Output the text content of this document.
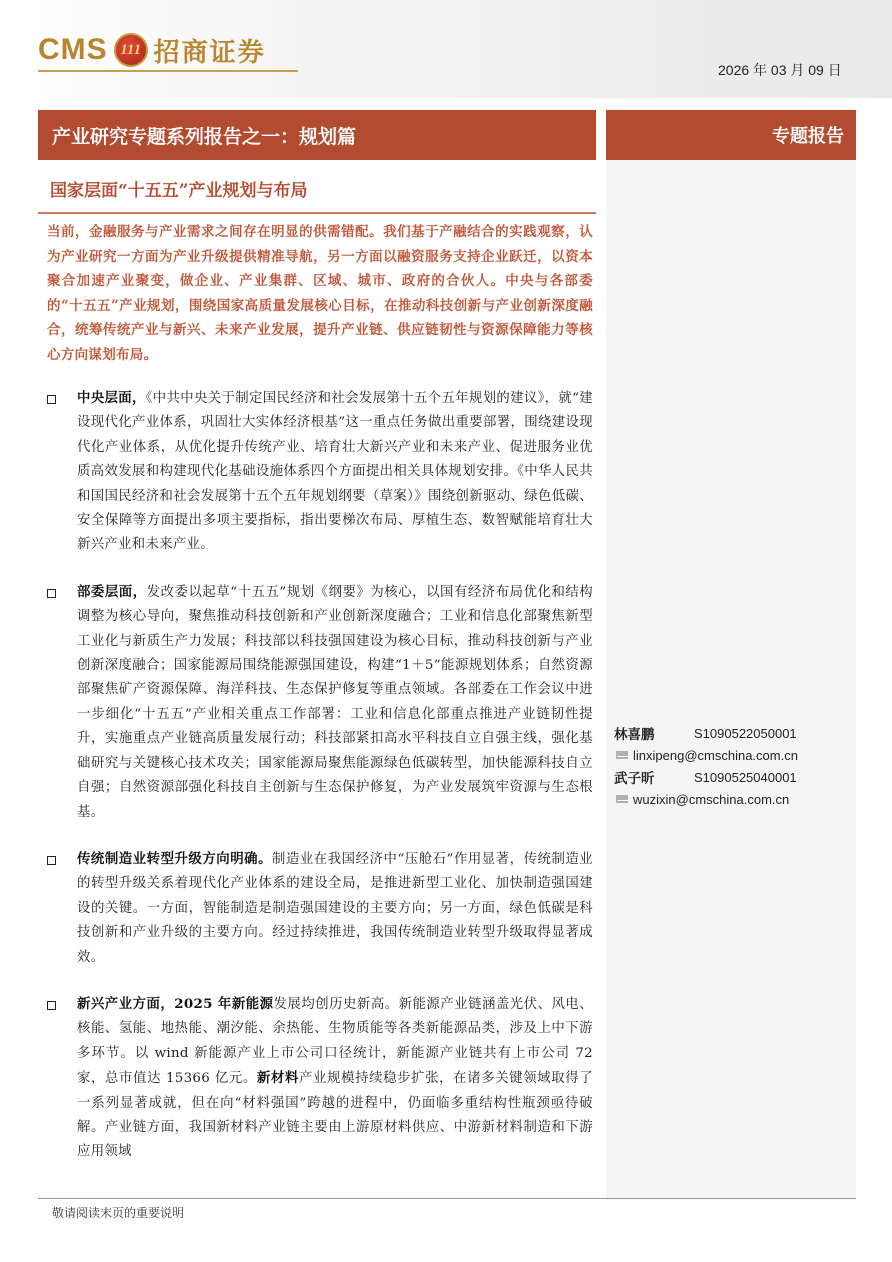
CMS 111 招商证券
2026 年 03 月 09 日
产业研究专题系列报告之一：规划篇	专题报告
国家层面“十五五”产业规划与布局
当前，金融服务与产业需求之间存在明显的供需错配。我们基于产融结合的实践观察，认为产业研究一方面为产业升级提供精准导航，另一方面以融资服务支持企业跃迁，以资本聚合加速产业聚变，做企业、产业集群、区域、城市、政府的合伙人。中央与各部委的“十五五”产业规划，围绕国家高质量发展核心目标，在推动科技创新与产业创新深度融合，统筹传统产业与新兴、未来产业发展，提升产业链、供应链韧性与资源保障能力等核心方向谋划布局。
中央层面，《中共中央关于制定国民经济和社会发展第十五个五年规划的建议》，就“建设现代化产业体系，巩固壮大实体经济根基”这一重点任务做出重要部署，围绕建设现代化产业体系，从优化提升传统产业、培育壮大新兴产业和未来产业、促进服务业优质高效发展和构建现代化基础设施体系四个方面提出相关具体规划安排。《中华人民共和国国民经济和社会发展第十五个五年规划纲要（草案）》围绕创新驱动、绿色低碳、安全保障等方面提出多项主要指标，指出要梯次布局、厚植生态、数智赋能培育壮大新兴产业和未来产业。
部委层面，发改委以起草“十五五”规划《纲要》为核心，以国有经济布局优化和结构调整为核心导向，聚焦推动科技创新和产业创新深度融合；工业和信息化部聚焦新型工业化与新质生产力发展；科技部以科技强国建设为核心目标，推动科技创新与产业创新深度融合；国家能源局围绕能源强国建设，构建“1＋5”能源规划体系；自然资源部聚焦矿产资源保障、海洋科技、生态保护修复等重点领域。各部委在工作会议中进一步细化“十五五”产业相关重点工作部署：工业和信息化部重点推进产业链韧性提升，实施重点产业链高质量发展行动；科技部紧扣高水平科技自立自强主线，强化基础研究与关键核心技术攻关；国家能源局聚焦能源绿色低碳转型，加快能源科技自立自强；自然资源部强化科技自主创新与生态保护修复，为产业发展筑牢资源与生态根基。
传统制造业转型升级方向明确。制造业在我国经济中“压舱石”作用显著，传统制造业的转型升级关系着现代化产业体系的建设全局，是推进新型工业化、加快制造强国建设的关键。一方面，智能制造是制造强国建设的主要方向；另一方面，绿色低碳是科技创新和产业升级的主要方向。经过持续推进，我国传统制造业转型升级取得显著成效。
新兴产业方面，2025 年新能源发展均创历史新高。新能源产业链涵盖光伏、风电、核能、氢能、地热能、潮汐能、余热能、生物质能等各类新能源品类，涉及上中下游多环节。以 wind 新能源产业上市公司口径统计，新能源产业链共有上市公司 72 家，总市值达 15366 亿元。新材料产业规模持续稳步扩张，在诸多关键领域取得了一系列显著成就，但在向“材料强国”跨越的进程中，仍面临多重结构性瓶颈亟待破解。产业链方面，我国新材料产业链主要由上游原材料供应、中游新材料制造和下游应用领域
林喜鹏	S1090522050001
linxipeng@cmschina.com.cn
武子昕	S1090525040001
wuzixin@cmschina.com.cn
敬请阅读末页的重要说明
